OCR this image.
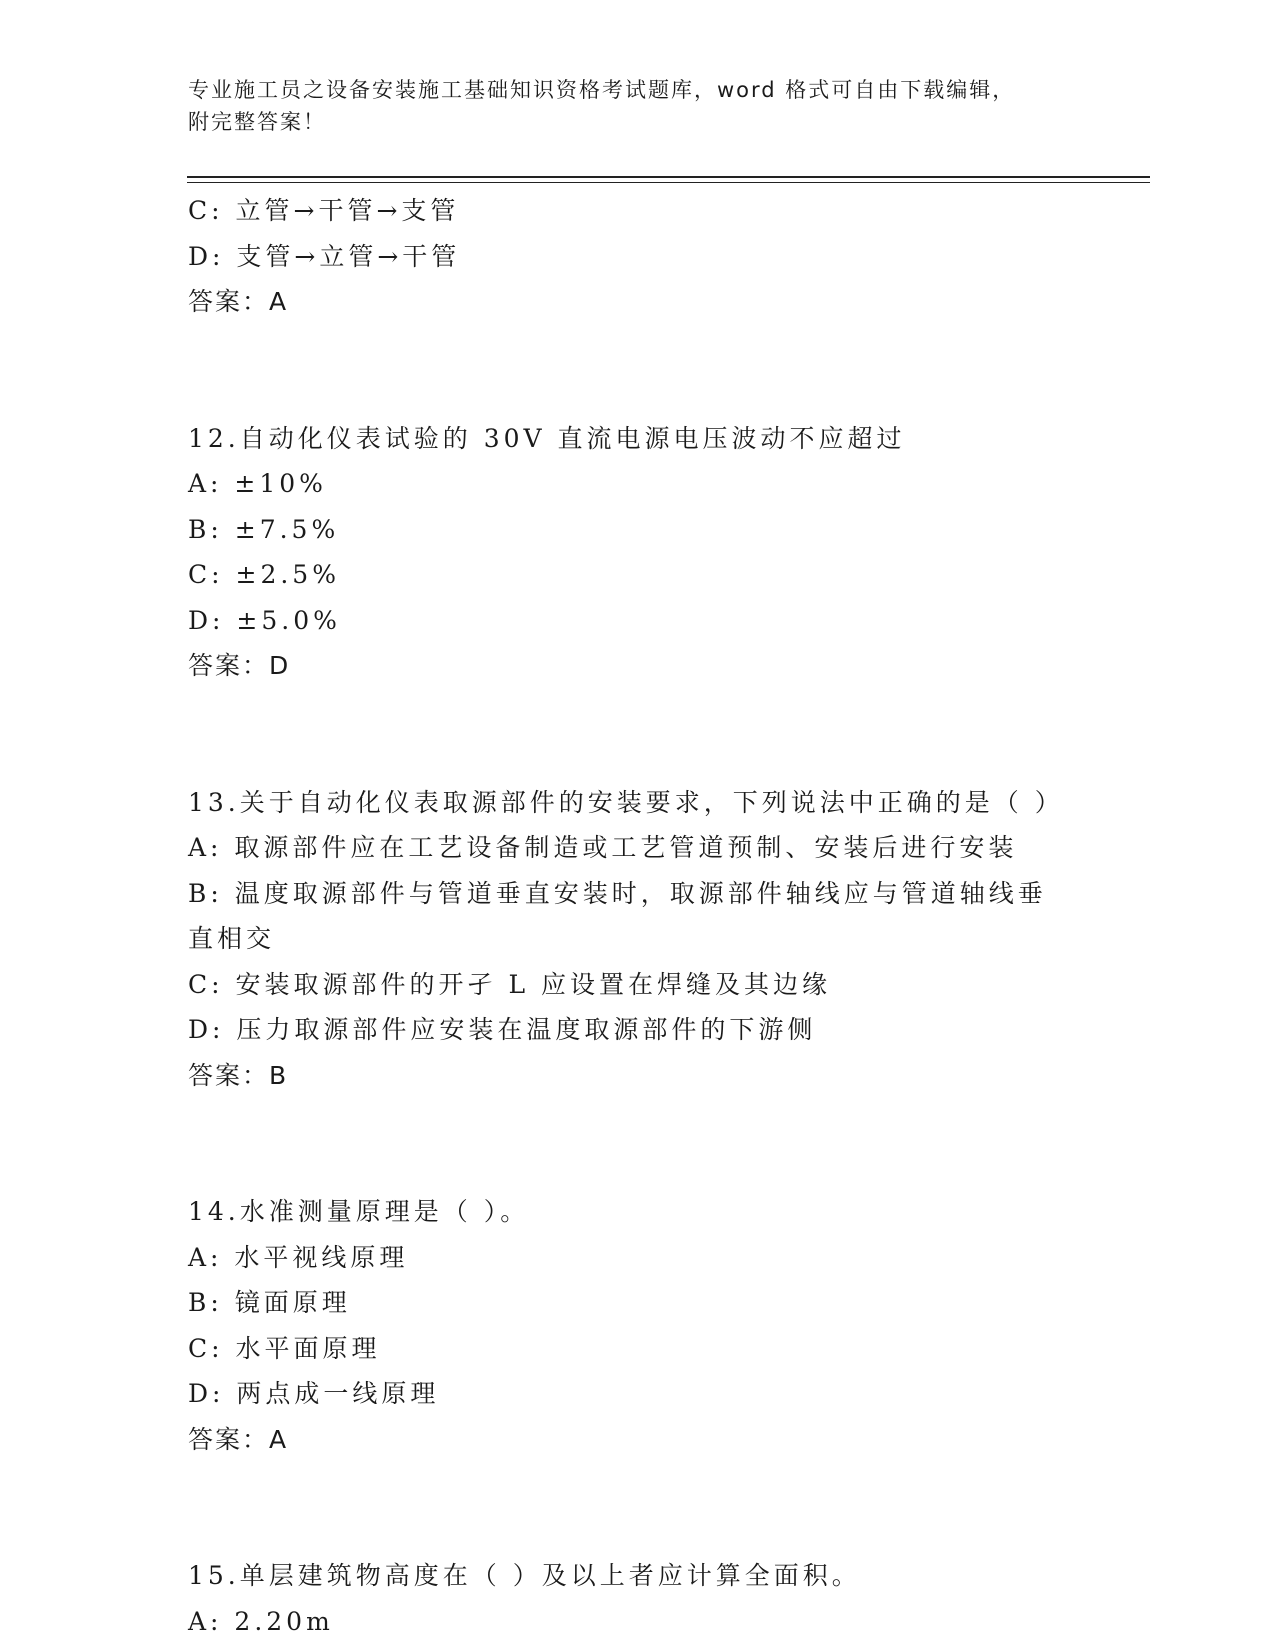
专业施工员之设备安装施工基础知识资格考试题库，word 格式可自由下载编辑，
附完整答案！
C: 立管→干管→支管
D: 支管→立管→干管
答案：A
12.自动化仪表试验的 30V 直流电源电压波动不应超过
A: ±10%
B: ±7.5%
C: ±2.5%
D: ±5.0%
答案：D
13.关于自动化仪表取源部件的安装要求，下列说法中正确的是（ ）
A: 取源部件应在工艺设备制造或工艺管道预制、安装后进行安装
B: 温度取源部件与管道垂直安装时，取源部件轴线应与管道轴线垂直相交
C: 安装取源部件的开孑 L 应设置在焊缝及其边缘
D: 压力取源部件应安装在温度取源部件的下游侧
答案：B
14.水准测量原理是（ ）。
A: 水平视线原理
B: 镜面原理
C: 水平面原理
D: 两点成一线原理
答案：A
15.单层建筑物高度在（ ）及以上者应计算全面积。
A: 2.20m
